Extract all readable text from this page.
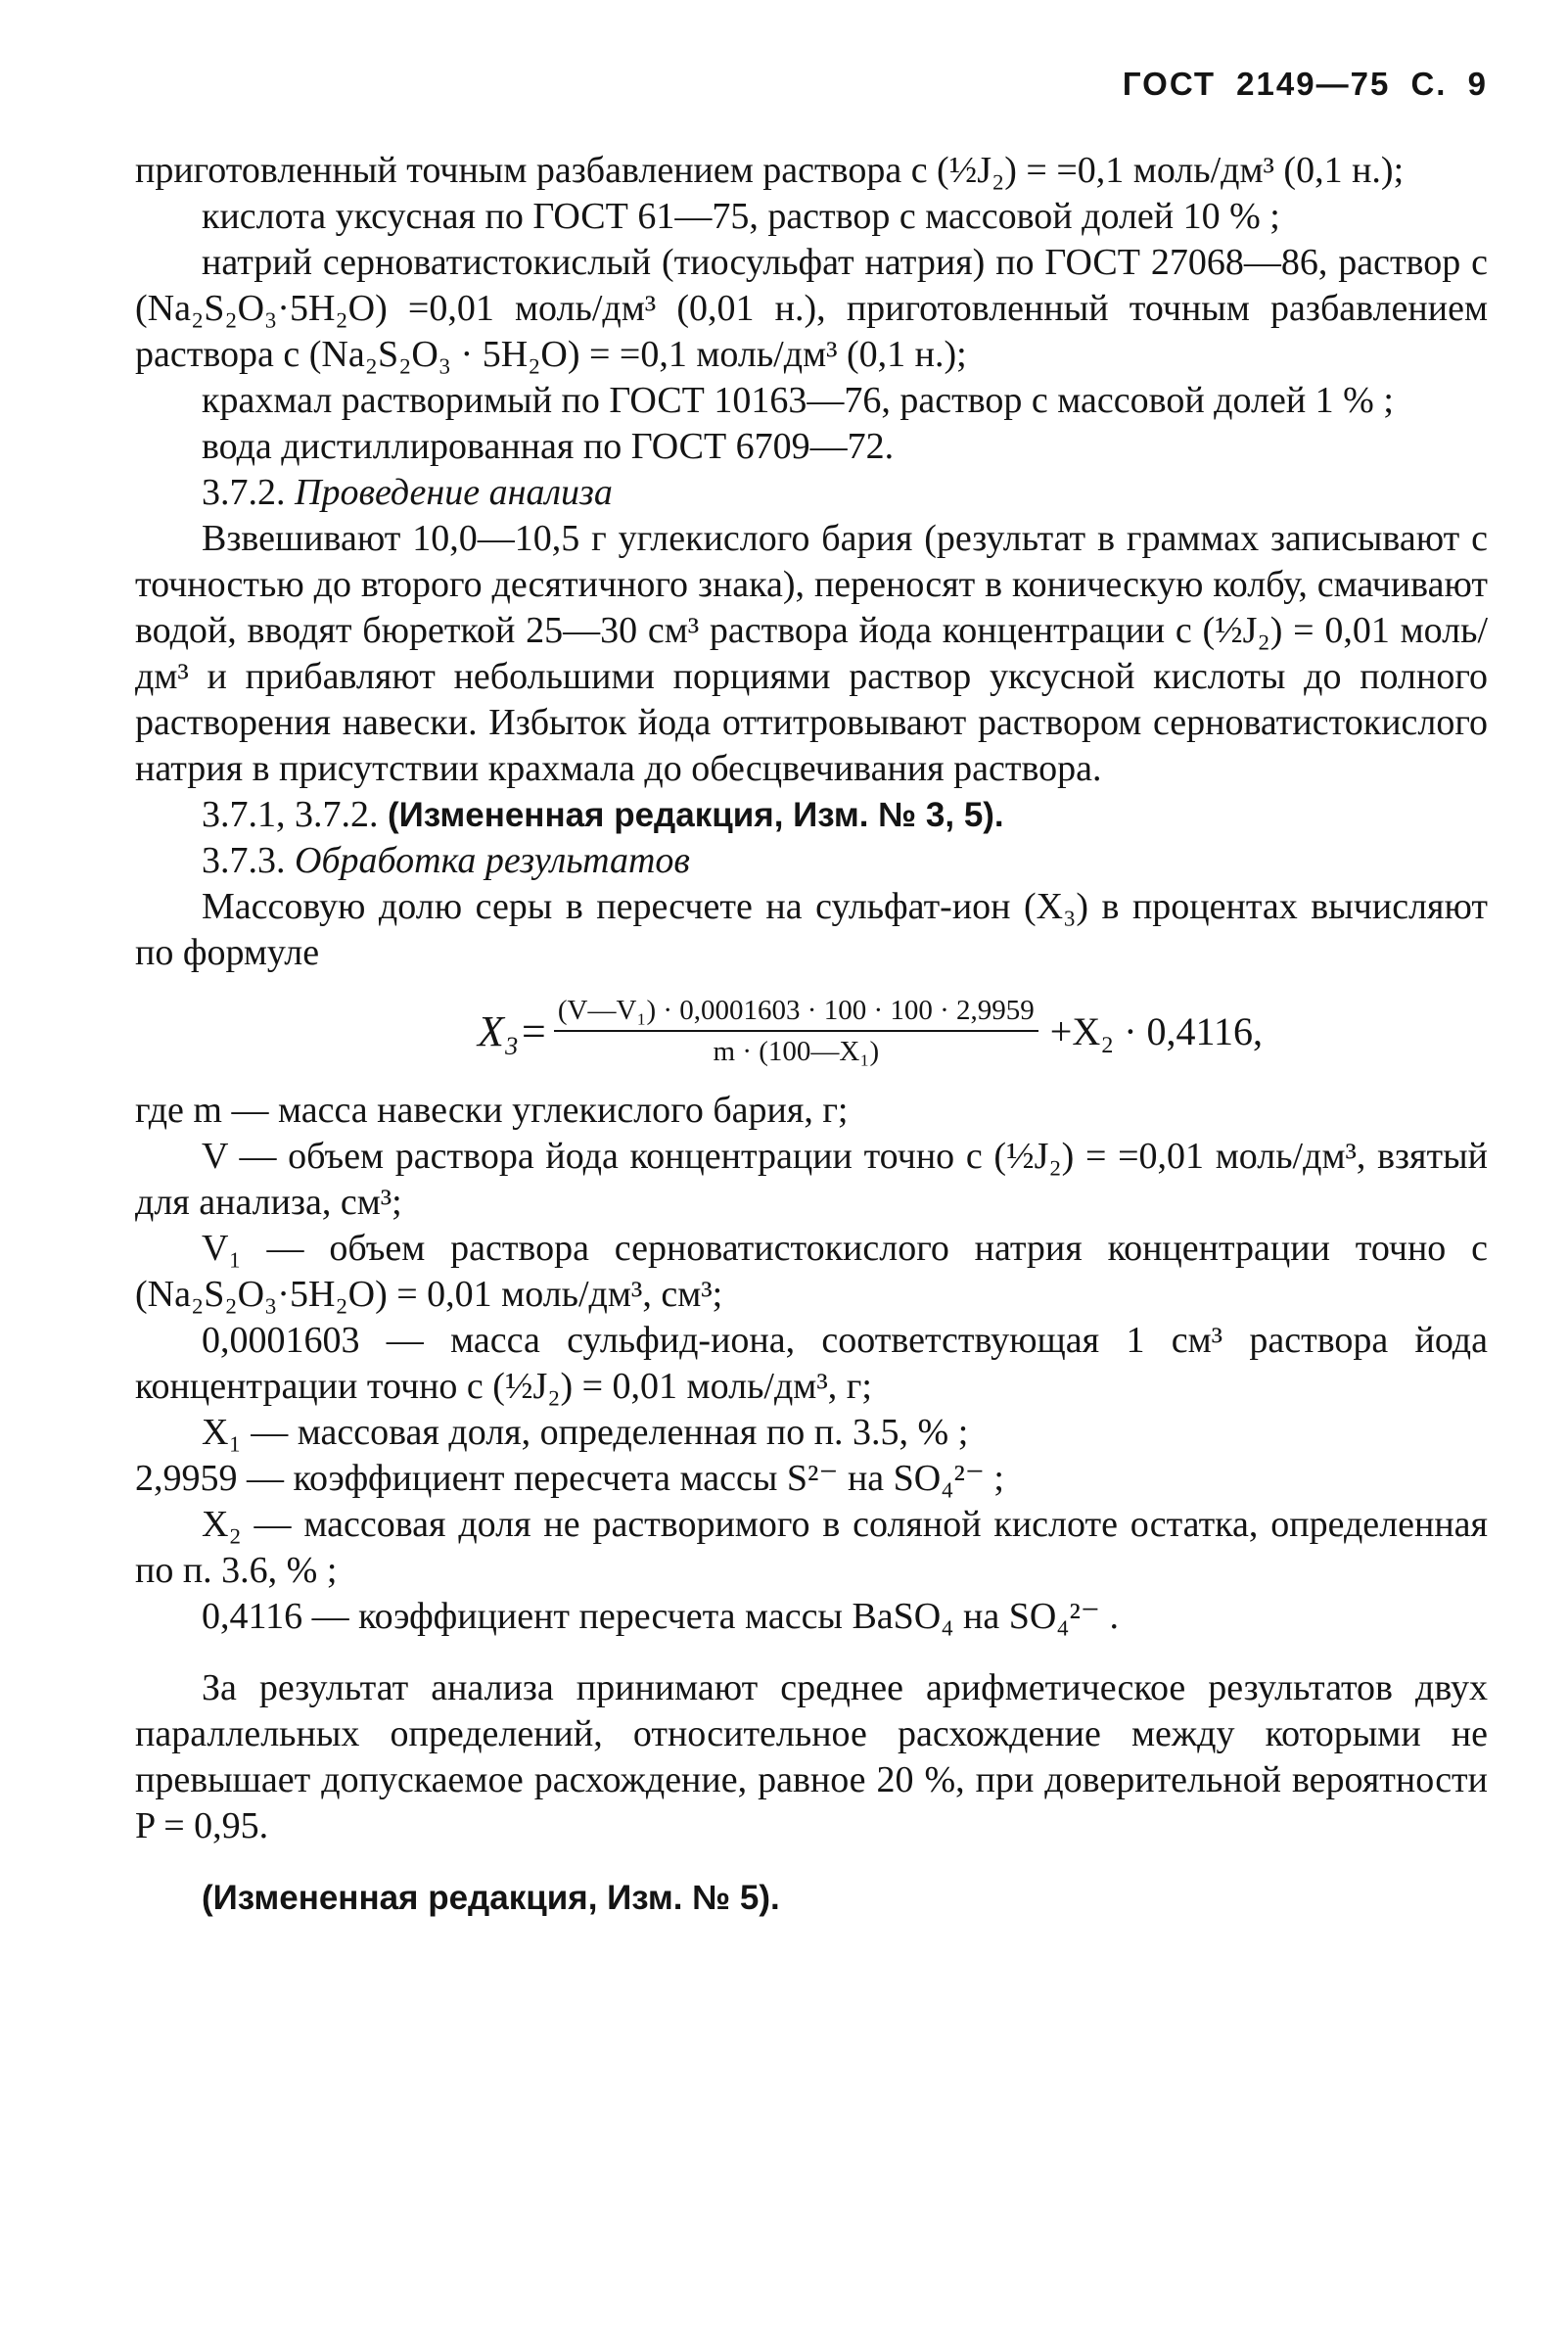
ГОСТ 2149—75 С. 9

приготовленный точным разбавлением раствора c (½J₂) = =0,1 моль/дм³ (0,1 н.);

кислота уксусная по ГОСТ 61—75, раствор с массовой долей 10 % ;

натрий серноватистокислый (тиосульфат натрия) по ГОСТ 27068—86, раствор c (Na₂S₂O₃·5H₂O) =0,01 моль/дм³ (0,01 н.), приготовленный точным разбавлением раствора c (Na₂S₂O₃ · 5H₂O) = =0,1 моль/дм³ (0,1 н.);

крахмал растворимый по ГОСТ 10163—76, раствор с массовой долей 1 % ;

вода дистиллированная по ГОСТ 6709—72.

3.7.2. Проведение анализа

Взвешивают 10,0—10,5 г углекислого бария (результат в граммах записывают с точностью до второго десятичного знака), переносят в коническую колбу, смачивают водой, вводят бюреткой 25—30 см³ раствора йода концентрации c (½J₂) = 0,01 моль/дм³ и прибавляют небольшими порциями раствор уксусной кислоты до полного растворения навески. Избыток йода оттитровывают раствором серноватистокислого натрия в присутствии крахмала до обесцвечивания раствора.

3.7.1, 3.7.2. (Измененная редакция, Изм. № 3, 5).

3.7.3. Обработка результатов

Массовую долю серы в пересчете на сульфат-ион (X₃) в процентах вычисляют по формуле

$X_3= \frac{\text{(V—V₁) · 0,0001603 · 100 · 100 · 2,9959}}{\text{m · (100—X₁)}} +X_2 \cdot 0,4116$,

где m — масса навески углекислого бария, г;

V — объем раствора йода концентрации точно c (½J₂) = =0,01 моль/дм³, взятый для анализа, см³;

V₁ — объем раствора серноватистокислого натрия концентрации точно c (Na₂S₂O₃·5H₂O) = 0,01 моль/дм³, см³;

0,0001603 — масса сульфид-иона, соответствующая 1 см³ раствора йода концентрации точно c (½J₂) = 0,01 моль/дм³, г;

X₁ — массовая доля, определенная по п. 3.5, % ;

2,9959 — коэффициент пересчета массы S²⁻ на SO₄²⁻ ;

X₂ — массовая доля не растворимого в соляной кислоте остатка, определенная по п. 3.6, % ;

0,4116 — коэффициент пересчета массы BaSO₄ на SO₄²⁻ .

За результат анализа принимают среднее арифметическое результатов двух параллельных определений, относительное расхождение между которыми не превышает допускаемое расхождение, равное 20 %, при доверительной вероятности P = 0,95.

(Измененная редакция, Изм. № 5).
